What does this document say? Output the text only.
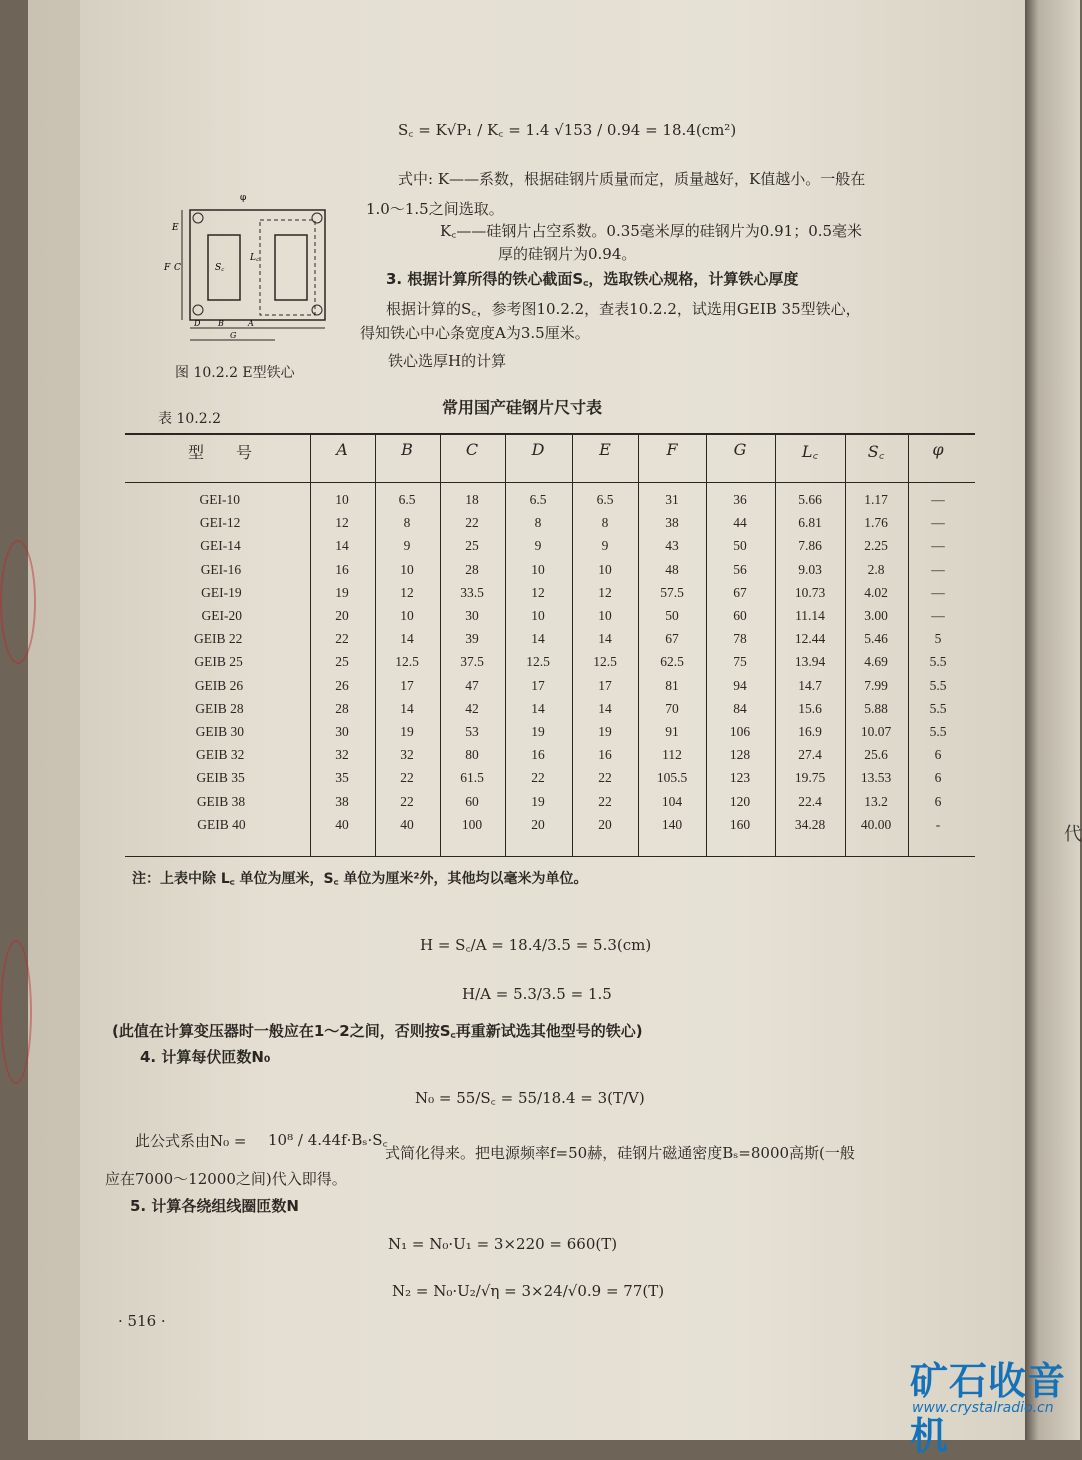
代
S꜀ = K√P₁ / K꜀ = 1.4 √153 / 0.94 = 18.4(cm²)
式中: K——系数，根据硅钢片质量而定，质量越好，K值越小。一般在
1.0～1.5之间选取。
K꜀——硅钢片占空系数。0.35毫米厚的硅钢片为0.91；0.5毫米
厚的硅钢片为0.94。
3. 根据计算所得的铁心截面S꜀，选取铁心规格，计算铁心厚度
根据计算的S꜀，参考图10.2.2，查表10.2.2，试选用GEIB 35型铁心，
得知铁心中心条宽度A为3.5厘米。
铁心选厚H的计算
φ
E
F C	S꜀
L꜀
D B	A
G
图 10.2.2 E型铁心
表 10.2.2
常用国产硅钢片尺寸表
型　　号	A	B	C	D	E	F	G	L꜀	S꜀	φ
GEI-10	10	6.5	18	6.5	6.5	31	36	5.66	1.17	—
GEI-12	12	8	22	8	8	38	44	6.81	1.76	—
GEI-14	14	9	25	9	9	43	50	7.86	2.25	—
GEI-16	16	10	28	10	10	48	56	9.03	2.8	—
GEI-19	19	12	33.5	12	12	57.5	67	10.73	4.02	—
GEI-20	20	10	30	10	10	50	60	11.14	3.00	—
GEIB 22	22	14	39	14	14	67	78	12.44	5.46	5
GEIB 25	25	12.5	37.5	12.5	12.5	62.5	75	13.94	4.69	5.5
GEIB 26	26	17	47	17	17	81	94	14.7	7.99	5.5
GEIB 28	28	14	42	14	14	70	84	15.6	5.88	5.5
GEIB 30	30	19	53	19	19	91	106	16.9	10.07	5.5
GEIB 32	32	32	80	16	16	112	128	27.4	25.6	6
GEIB 35	35	22	61.5	22	22	105.5	123	19.75	13.53	6
GEIB 38	38	22	60	19	22	104	120	22.4	13.2	6
GEIB 40	40	40	100	20	20	140	160	34.28	40.00	-
注：上表中除 L꜀ 单位为厘米，S꜀ 单位为厘米²外，其他均以毫米为单位。
H = S꜀/A = 18.4/3.5 = 5.3(cm)
H/A = 5.3/3.5 = 1.5
(此值在计算变压器时一般应在1～2之间，否则按S꜀再重新试选其他型号的铁心)
4. 计算每伏匝数N₀
N₀ = 55/S꜀ = 55/18.4 = 3(T/V)
此公式系由N₀ = 10⁸ / 4.44f·Bₛ·S꜀
式简化得来。把电源频率f=50赫，硅钢片磁通密度Bₛ=8000高斯(一般
应在7000～12000之间)代入即得。
5. 计算各绕组线圈匝数N
N₁ = N₀·U₁ = 3×220 = 660(T)
N₂ = N₀·U₂/√η = 3×24/√0.9 = 77(T)
· 516 ·
矿石收音机
www.crystalradio.cn
